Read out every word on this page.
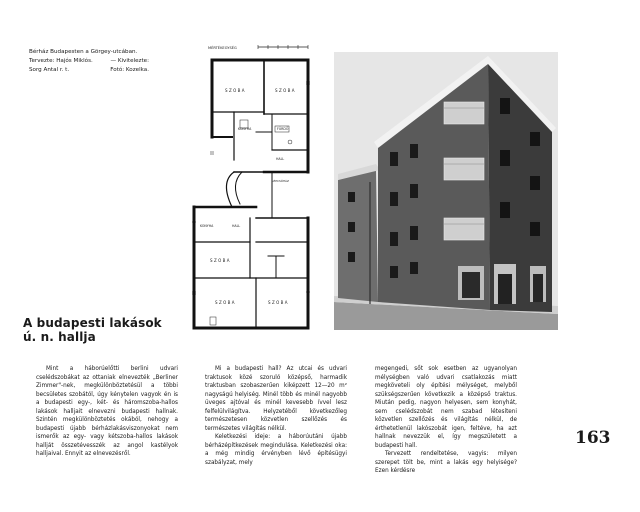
Bérház Budapesten a Görgey-utcában.
Tervezte: Hajós Miklós.	— Kivitelezte:
Sorg Antal r. t.	Fotó: Kozelka.
MÉRTÉKEGYSÉG
SZOBA	SZOBA
KONYHA	FÜRDŐ
HALL
LÉPCSŐHÁZ
KONYHA	HALL
SZOBA
SZOBA	SZOBA
A budapesti lakások
ú. n. hallja

Mint a háborúelőtti berlini udvari cselédszobákat az ottaniak elnevezték „Berliner Zimmer"-nek, megkülönböztetésül a többi becsületes szobától, úgy kénytelen vagyok én is a budapesti egy-, két- és háromszoba-hallos lakások halljait elnevezni budapesti hallnak. Szintén megkülönböztetés okából, nehogy a budapesti újabb bérházlakásviszonyokat nem ismerők az egy- vagy kétszoba-hallos lakások hallját összetévesszék az angol kastélyok halljaival. Ennyit az elnevezésről.

Mi a budapesti hall? Az utcai és udvari traktusok közé szoruló középső, harmadik traktusban szobaszerűen kiképzett 12—20 m² nagyságú helyiség. Minél több és minél nagyobb üveges ajtóval és minél kevesebb ívvel lesz felfelülvilágítva. Helyzetéből következőleg természetesen közvetlen szellőzés és természetes világítás nélkül.

Keletkezési ideje: a háborúutáni újabb bérházépítkezések megindulása. Keletkezési oka: a még mindig érvényben lévő építésügyi szabályzat, mely

megengedi, sőt sok esetben az ugyanolyan mélységben való udvari csatlakozás miatt megköveteli oly építési mélységet, melyből szükségszerűen következik a középső traktus. Miután pedig, nagyon helyesen, sem konyhát, sem cselédszobát nem szabad létesíteni közvetlen szellőzés és világítás nélkül, de érthetetlenül lakószobát igen, feltéve, ha azt hallnak nevezzük el, így megszületett a budapesti hall.

Tervezett rendeltetése, vagyis: milyen szerepet tölt be, mint a lakás egy helyisége? Ezen kérdésre

163
